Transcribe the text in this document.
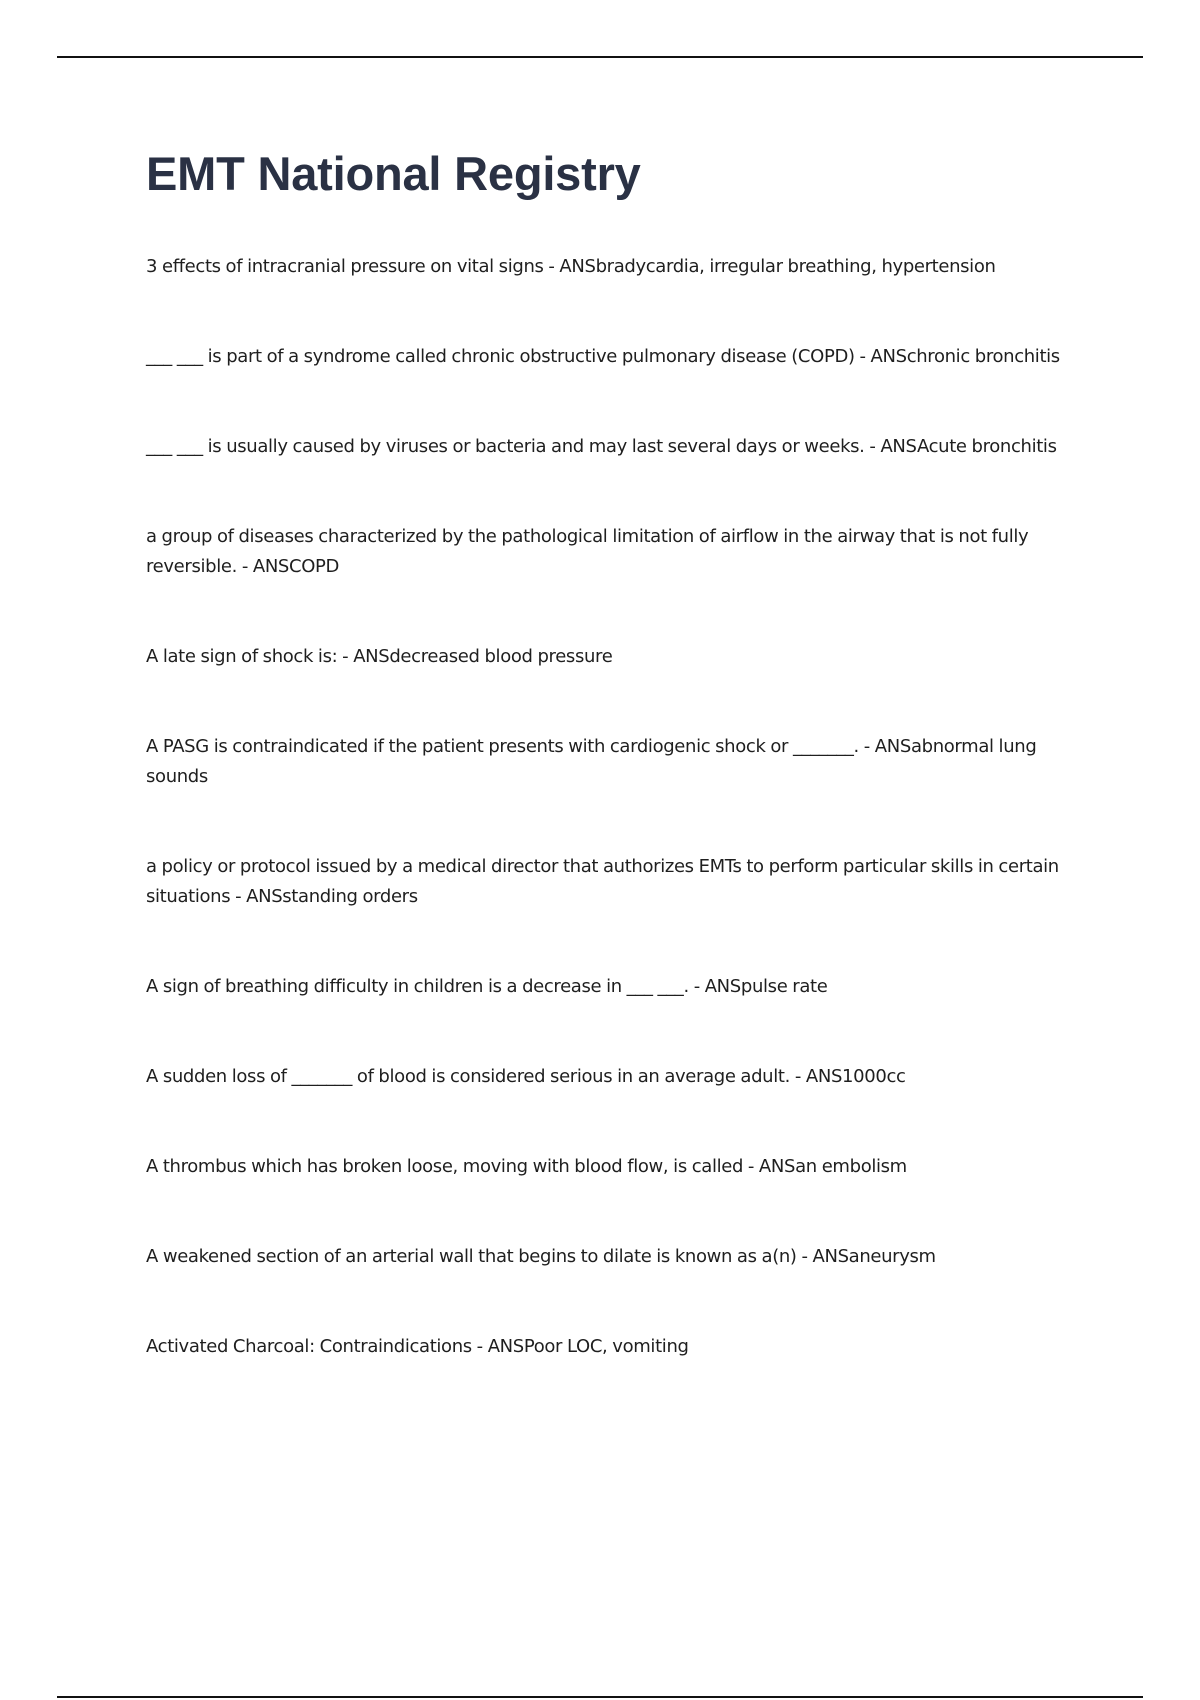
EMT National Registry
3 effects of intracranial pressure on vital signs - ANSbradycardia, irregular breathing, hypertension
___ ___ is part of a syndrome called chronic obstructive pulmonary disease (COPD) - ANSchronic bronchitis
___ ___ is usually caused by viruses or bacteria and may last several days or weeks. - ANSAcute bronchitis
a group of diseases characterized by the pathological limitation of airflow in the airway that is not fully reversible. - ANSCOPD
A late sign of shock is: - ANSdecreased blood pressure
A PASG is contraindicated if the patient presents with cardiogenic shock or _______. - ANSabnormal lung sounds
a policy or protocol issued by a medical director that authorizes EMTs to perform particular skills in certain situations - ANSstanding orders
A sign of breathing difficulty in children is a decrease in ___ ___. - ANSpulse rate
A sudden loss of _______ of blood is considered serious in an average adult. - ANS1000cc
A thrombus which has broken loose, moving with blood flow, is called - ANSan embolism
A weakened section of an arterial wall that begins to dilate is known as a(n) - ANSaneurysm
Activated Charcoal: Contraindications - ANSPoor LOC, vomiting
